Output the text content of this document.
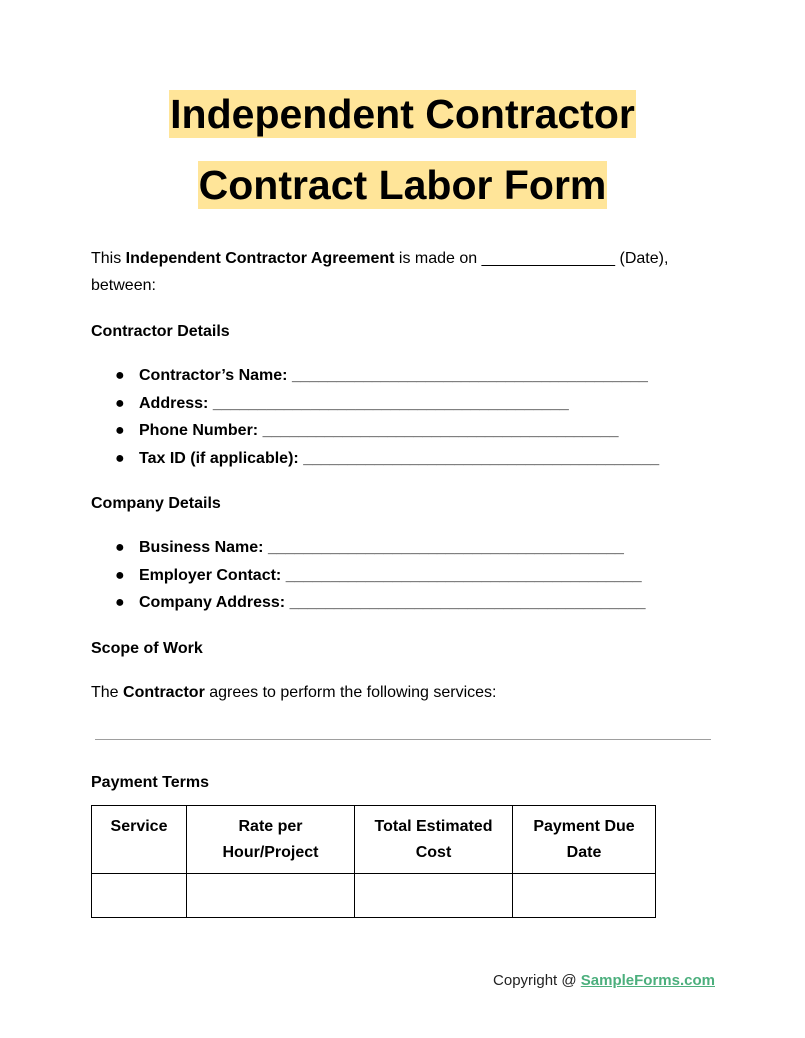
Independent Contractor
Contract Labor Form

This Independent Contractor Agreement is made on _______________ (Date), between:

Contractor Details
● Contractor’s Name: ________________________________________
● Address: ________________________________________
● Phone Number: ________________________________________
● Tax ID (if applicable): ________________________________________
Company Details
● Business Name: ________________________________________
● Employer Contact: ________________________________________
● Company Address: ________________________________________
Scope of Work

The Contractor agrees to perform the following services:

Payment Terms
Service	Rate per Hour/Project	Total Estimated Cost	Payment Due Date

Copyright @ SampleForms.com
